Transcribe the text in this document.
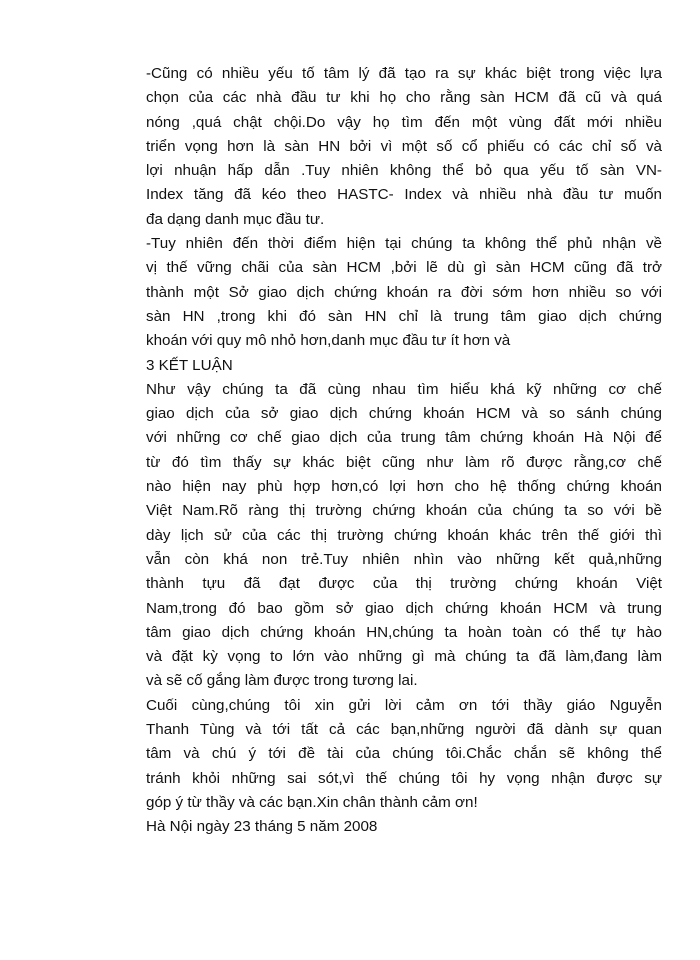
-Cũng có nhiều yếu tố tâm lý đã tạo ra sự khác biệt trong việc lựa
chọn của các nhà đầu tư khi họ cho rằng sàn HCM đã cũ và quá
nóng ,quá chật chội.Do vậy họ tìm đến một vùng đất mới nhiều
triển vọng hơn là sàn HN bởi vì một số cổ phiếu có các chỉ số và
lợi nhuận hấp dẫn .Tuy nhiên không thể bỏ qua yếu tố sàn VN-
Index tăng đã kéo theo HASTC- Index và nhiều nhà đầu tư muốn
đa dạng danh mục đầu tư.
-Tuy nhiên đến thời điểm hiện tại chúng ta không thể phủ nhận về
vị thế vững chãi của sàn HCM ,bởi lẽ dù gì sàn HCM cũng đã trở
thành một Sở giao dịch chứng khoán ra đời sớm hơn nhiều so với
sàn HN ,trong khi đó sàn HN chỉ là trung tâm giao dịch chứng
khoán với quy mô nhỏ hơn,danh mục đầu tư ít hơn và
3 KẾT LUẬN
Như vậy chúng ta đã cùng nhau tìm hiểu khá kỹ những cơ chế
giao dịch của sở giao dịch chứng khoán HCM và so sánh chúng
với những cơ chế giao dịch của trung tâm chứng khoán Hà Nội để
từ đó tìm thấy sự khác biệt cũng như làm rõ được rằng,cơ chế
nào hiện nay phù hợp hơn,có lợi hơn cho hệ thống chứng khoán
Việt Nam.Rõ ràng thị trường chứng khoán của chúng ta so với bề
dày lịch sử của các thị trường chứng khoán khác trên thế giới thì
vẫn còn khá non trẻ.Tuy nhiên nhìn vào những kết quả,những
thành tựu đã đạt được của thị trường chứng khoán Việt
Nam,trong đó bao gồm sở giao dịch chứng khoán HCM và trung
tâm giao dịch chứng khoán HN,chúng ta hoàn toàn có thể tự hào
và đặt kỳ vọng to lớn vào những gì mà chúng ta đã làm,đang làm
và sẽ cố gắng làm được trong tương lai.
Cuối cùng,chúng tôi xin gửi lời cảm ơn tới thầy giáo Nguyễn
Thanh Tùng và tới tất cả các bạn,những người đã dành sự quan
tâm và chú ý tới đề tài của chúng tôi.Chắc chắn sẽ không thể
tránh khỏi những sai sót,vì thế chúng tôi hy vọng nhận được sự
góp ý từ thầy và các bạn.Xin chân thành cảm ơn!
Hà Nội ngày 23 tháng 5 năm 2008
